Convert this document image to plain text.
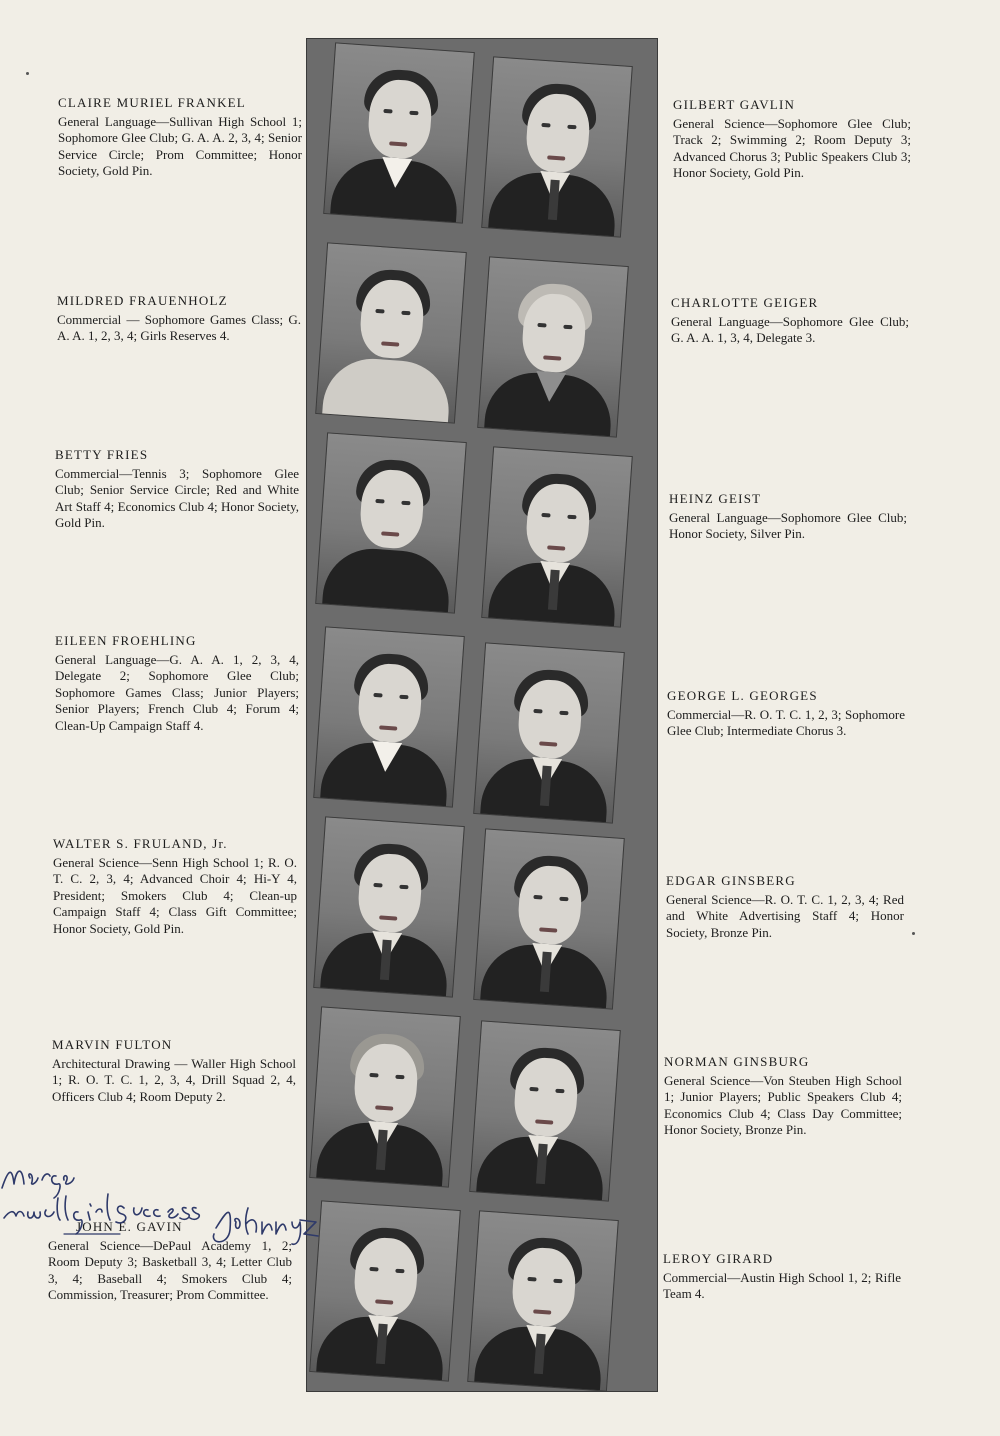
CLAIRE MURIEL FRANKEL

General Language—Sullivan High School 1; Sophomore Glee Club; G. A. A. 2, 3, 4; Senior Service Circle; Prom Committee; Honor Society, Gold Pin.

MILDRED FRAUENHOLZ

Commercial — Sophomore Games Class; G. A. A. 1, 2, 3, 4; Girls Reserves 4.

BETTY FRIES

Commercial—Tennis 3; Sophomore Glee Club; Senior Service Circle; Red and White Art Staff 4; Economics Club 4; Honor Society, Gold Pin.

EILEEN FROEHLING

General Language—G. A. A. 1, 2, 3, 4, Delegate 2; Sophomore Glee Club; Sophomore Games Class; Junior Players; Senior Players; French Club 4; Forum 4; Clean-Up Campaign Staff 4.

WALTER S. FRULAND, Jr.

General Science—Senn High School 1; R. O. T. C. 2, 3, 4; Advanced Choir 4; Hi-Y 4, President; Smokers Club 4; Clean-up Campaign Staff 4; Class Gift Committee; Honor Society, Gold Pin.

MARVIN FULTON

Architectural Drawing — Waller High School 1; R. O. T. C. 1, 2, 3, 4, Drill Squad 2, 4, Officers Club 4; Room Deputy 2.

JOHN E. GAVIN

General Science—DePaul Academy 1, 2; Room Deputy 3; Basketball 3, 4; Letter Club 3, 4; Baseball 4; Smokers Club 4; Commission, Treasurer; Prom Committee.

GILBERT GAVLIN

General Science—Sophomore Glee Club; Track 2; Swimming 2; Room Deputy 3; Advanced Chorus 3; Public Speakers Club 3; Honor Society, Gold Pin.

CHARLOTTE GEIGER

General Language—Sophomore Glee Club; G. A. A. 1, 3, 4, Delegate 3.

HEINZ GEIST

General Language—Sophomore Glee Club; Honor Society, Silver Pin.

GEORGE L. GEORGES

Commercial—R. O. T. C. 1, 2, 3; Sophomore Glee Club; Intermediate Chorus 3.

EDGAR GINSBERG

General Science—R. O. T. C. 1, 2, 3, 4; Red and White Advertising Staff 4; Honor Society, Bronze Pin.

NORMAN GINSBURG

General Science—Von Steuben High School 1; Junior Players; Public Speakers Club 4; Economics Club 4; Class Day Committee; Honor Society, Bronze Pin.

LEROY GIRARD

Commercial—Austin High School 1, 2; Rifle Team 4.
